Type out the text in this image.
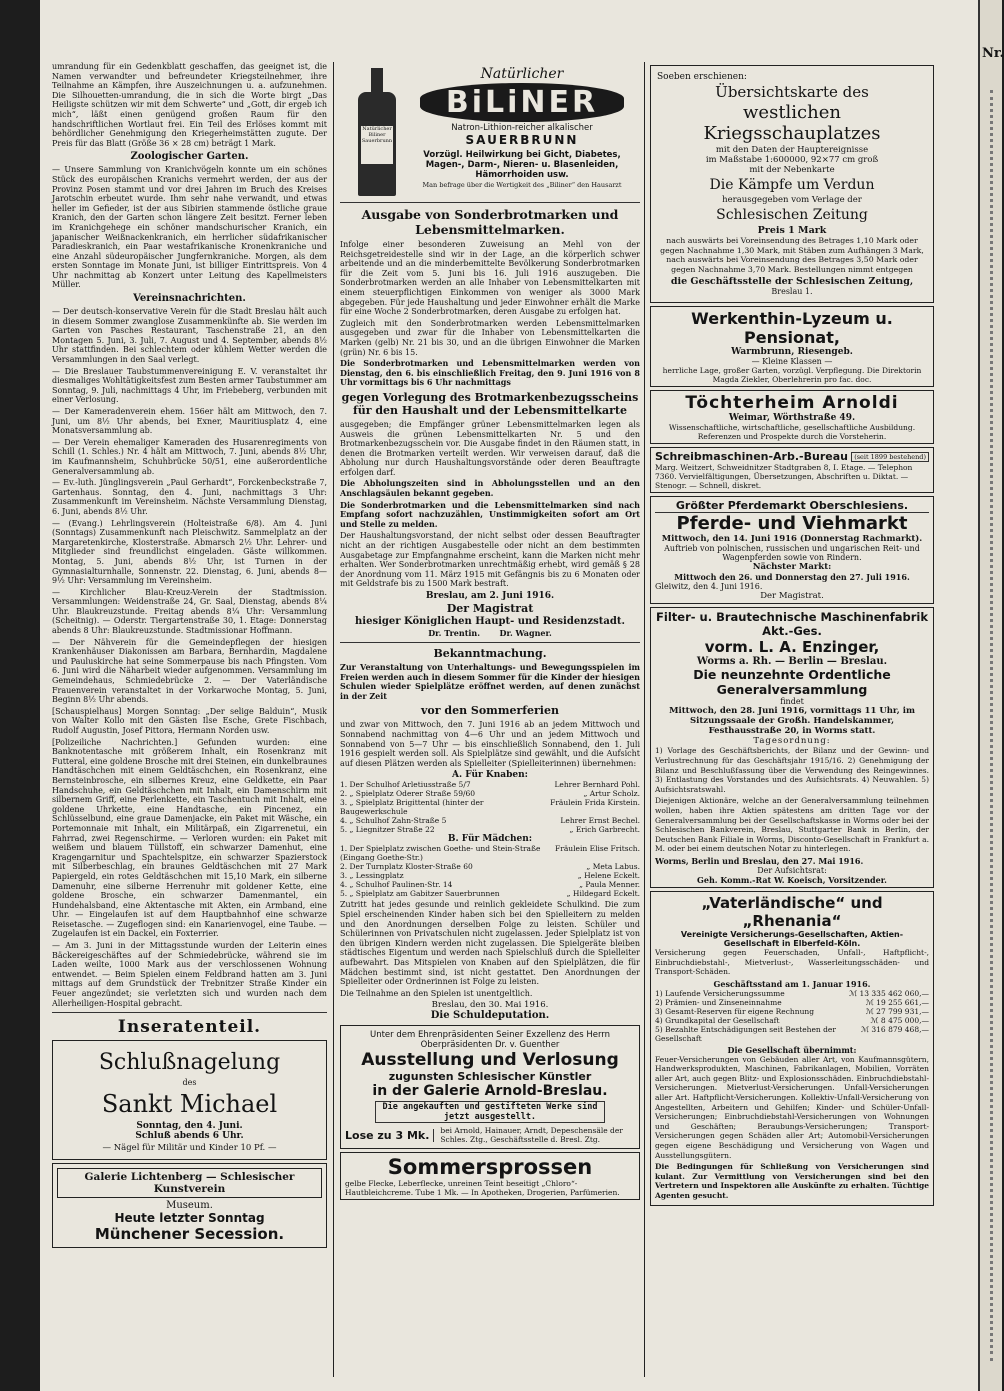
Nr.

umrandung für ein Gedenkblatt geschaffen, das geeignet ist, die Namen verwandter und befreundeter Kriegsteilnehmer, ihre Teilnahme an Kämpfen, ihre Auszeichnungen u. a. aufzunehmen. Die Silhouetten-umrandung, die in sich die Worte birgt „Das Heiligste schützen wir mit dem Schwerte“ und „Gott, dir ergeb ich mich“, läßt einen genügend großen Raum für den handschriftlichen Wortlaut frei. Ein Teil des Erlöses kommt mit behördlicher Genehmigung den Kriegerheimstätten zugute. Der Preis für das Blatt (Größe 36 × 28 cm) beträgt 1 Mark.

Zoologischer Garten.

— Unsere Sammlung von Kranichvögeln konnte um ein schönes Stück des europäischen Kranichs vermehrt werden, der aus der Provinz Posen stammt und vor drei Jahren im Bruch des Kreises Jarotschin erbeutet wurde. Ihm sehr nahe verwandt, und etwas heller im Gefieder, ist der aus Sibirien stammende östliche graue Kranich, den der Garten schon längere Zeit besitzt. Ferner leben im Kranichgehege ein schöner mandschurischer Kranich, ein japanischer Weißnackenkranich, ein herrlicher südafrikanischer Paradieskranich, ein Paar westafrikanische Kronenkraniche und eine Anzahl südeuropäischer Jungfernkraniche. Morgen, als dem ersten Sonntage im Monate Juni, ist billiger Eintrittspreis. Von 4 Uhr nachmittag ab Konzert unter Leitung des Kapellmeisters Müller.

Vereinsnachrichten.

— Der deutsch-konservative Verein für die Stadt Breslau hält auch in diesem Sommer zwanglose Zusammenkünfte ab. Sie werden im Garten von Pasches Restaurant, Taschenstraße 21, an den Montagen 5. Juni, 3. Juli, 7. August und 4. September, abends 8½ Uhr stattfinden. Bei schlechtem oder kühlem Wetter werden die Versammlungen in den Saal verlegt.

— Die Breslauer Taubstummenvereinigung E. V. veranstaltet ihr diesmaliges Wohltätigkeitsfest zum Besten armer Taubstummer am Sonntag, 9. Juli, nachmittags 4 Uhr, im Friebeberg, verbunden mit einer Verlosung.

— Der Kameradenverein ehem. 156er hält am Mittwoch, den 7. Juni, um 8½ Uhr abends, bei Exner, Mauritiusplatz 4, eine Monatsversammlung ab.

— Der Verein ehemaliger Kameraden des Husarenregiments von Schill (1. Schles.) Nr. 4 hält am Mittwoch, 7. Juni, abends 8½ Uhr, im Kaufmannsheim, Schuhbrücke 50/51, eine außerordentliche Generalversammlung ab.

— Ev.-luth. Jünglingsverein „Paul Gerhardt“, Forckenbeckstraße 7, Gartenhaus. Sonntag, den 4. Juni, nachmittags 3 Uhr: Zusammenkunft im Vereinsheim. Nächste Versammlung Dienstag, 6. Juni, abends 8½ Uhr.

— (Evang.) Lehrlingsverein (Holteistraße 6/8). Am 4. Juni (Sonntags) Zusammenkunft nach Pleischwitz. Sammelplatz an der Margaretenkirche, Klosterstraße. Abmarsch 2½ Uhr. Lehrer- und Mitglieder sind freundlichst eingeladen. Gäste willkommen. Montag, 5. Juni, abends 8½ Uhr, ist Turnen in der Gymnasialturnhalle, Sonnenstr. 22. Dienstag, 6. Juni, abends 8—9½ Uhr: Versammlung im Vereinsheim.

— Kirchlicher Blau-Kreuz-Verein der Stadtmission. Versammlungen: Weidenstraße 24, Gr. Saal, Dienstag, abends 8¼ Uhr. Blaukreuzstunde. Freitag abends 8¼ Uhr: Versammlung (Scheitnig). — Oderstr. Tiergartenstraße 30, 1. Etage: Donnerstag abends 8 Uhr: Blaukreuzstunde. Stadtmissionar Hoffmann.

— Der Nähverein für die Gemeindepflegen der hiesigen Krankenhäuser Diakonissen am Barbara, Bernhardin, Magdalene und Pauluskirche hat seine Sommerpause bis nach Pfingsten. Vom 6. Juni wird die Näharbeit wieder aufgenommen. Versammlung im Gemeindehaus, Schmiedebrücke 2. — Der Vaterländische Frauenverein veranstaltet in der Vorkarwoche Montag, 5. Juni, Beginn 8½ Uhr abends.

[Schauspielhaus] Morgen Sonntag: „Der selige Balduin“, Musik von Walter Kollo mit den Gästen Ilse Esche, Grete Fischbach, Rudolf Augustin, Josef Pittora, Hermann Norden usw.

[Polizeiliche Nachrichten.] Gefunden wurden: eine Banknotentasche mit größerem Inhalt, ein Rosenkranz mit Futteral, eine goldene Brosche mit drei Steinen, ein dunkelbraunes Handtäschchen mit einem Geldtäschchen, ein Rosenkranz, eine Bernsteinbrosche, ein silbernes Kreuz, eine Geldkette, ein Paar Handschuhe, ein Geldtäschchen mit Inhalt, ein Damenschirm mit silbernem Griff, eine Perlenkette, ein Taschentuch mit Inhalt, eine goldene Uhrkette, eine Handtasche, ein Pincenez, ein Schlüsselbund, eine graue Damenjacke, ein Paket mit Wäsche, ein Portemonnaie mit Inhalt, ein Militärpaß, ein Zigarrenetui, ein Fahrrad, zwei Regenschirme. — Verloren wurden: ein Paket mit weißem und blauem Tüllstoff, ein schwarzer Damenhut, eine Kragengarnitur und Spachtelspitze, ein schwarzer Spazierstock mit Silberbeschlag, ein braunes Geldtäschchen mit 27 Mark Papiergeld, ein rotes Geldtäschchen mit 15,10 Mark, ein silberne Damenuhr, eine silberne Herrenuhr mit goldener Kette, eine goldene Brosche, ein schwarzer Damenmantel, ein Hundehalsband, eine Aktentasche mit Akten, ein Armband, eine Uhr. — Eingelaufen ist auf dem Hauptbahnhof eine schwarze Reisetasche. — Zugeflogen sind: ein Kanarienvogel, eine Taube. — Zugelaufen ist ein Dackel, ein Foxterrier.

— Am 3. Juni in der Mittagsstunde wurden der Leiterin eines Bäckereigeschäftes auf der Schmiedebrücke, während sie im Laden weilte, 1000 Mark aus der verschlossenen Wohnung entwendet. — Beim Spielen einem Feldbrand hatten am 3. Juni mittags auf dem Grundstück der Trebnitzer Straße Kinder ein Feuer angezündet; sie verletzten sich und wurden nach dem Allerheiligen-Hospital gebracht.

Inseratenteil.
Schlußnagelung
des
Sankt Michael
Sonntag, den 4. Juni.
Schluß abends 6 Uhr.
— Nägel für Militär und Kinder 10 Pf. —
Galerie Lichtenberg — Schlesischer Kunstverein
Museum.
Heute letzter Sonntag
Münchener Secession.
Natürlicher Biliner Sauerbrunn
Natürlicher
BiLiNER
Natron-Lithion-reicher alkalischer
SAUERBRUNN
Vorzügl. Heilwirkung bei Gicht, Diabetes, Magen-, Darm-, Nieren- u. Blasenleiden, Hämorrhoiden usw.
Man befrage über die Wertigkeit des „Biliner“ den Hausarzt
Ausgabe von Sonderbrotmarken und Lebensmittelmarken.

Infolge einer besonderen Zuweisung an Mehl von der Reichsgetreidestelle sind wir in der Lage, an die körperlich schwer arbeitende und an die minderbemittelte Bevölkerung Sonderbrotmarken für die Zeit vom 5. Juni bis 16. Juli 1916 auszugeben. Die Sonderbrotmarken werden an alle Inhaber von Lebensmittelkarten mit einem steuerpflichtigen Einkommen von weniger als 3000 Mark abgegeben. Für jede Haushaltung und jeder Einwohner erhält die Marke für eine Woche 2 Sonderbrotmarken, deren Ausgabe zu erfolgen hat.

Zugleich mit den Sonderbrotmarken werden Lebensmittelmarken ausgegeben und zwar für die Inhaber von Lebensmittelkarten die Marken (gelb) Nr. 21 bis 30, und an die übrigen Einwohner die Marken (grün) Nr. 6 bis 15.

Die Sonderbrotmarken und Lebensmittelmarken werden von Dienstag, den 6. bis einschließlich Freitag, den 9. Juni 1916 von 8 Uhr vormittags bis 6 Uhr nachmittags

gegen Vorlegung des Brotmarkenbezugsscheins für den Haushalt und der Lebensmittelkarte

ausgegeben; die Empfänger grüner Lebensmittelmarken legen als Ausweis die grünen Lebensmittelkarten Nr. 5 und den Brotmarkenbezugsschein vor. Die Ausgabe findet in den Räumen statt, in denen die Brotmarken verteilt werden. Wir verweisen darauf, daß die Abholung nur durch Haushaltungsvorstände oder deren Beauftragte erfolgen darf.

Die Abholungszeiten sind in Abholungsstellen und an den Anschlagsäulen bekannt gegeben.

Die Sonderbrotmarken und die Lebensmittelmarken sind nach Empfang sofort nachzuzählen, Unstimmigkeiten sofort am Ort und Stelle zu melden.

Der Haushaltungsvorstand, der nicht selbst oder dessen Beauftragter nicht an der richtigen Ausgabestelle oder nicht an dem bestimmten Ausgabetage zur Empfangnahme erscheint, kann die Marken nicht mehr erhalten. Wer Sonderbrotmarken unrechtmäßig erhebt, wird gemäß § 28 der Anordnung vom 11. März 1915 mit Gefängnis bis zu 6 Monaten oder mit Geldstrafe bis zu 1500 Mark bestraft.

Breslau, am 2. Juni 1916.
Der Magistrat
hiesiger Königlichen Haupt- und Residenzstadt.
Dr. Trentin.       Dr. Wagner.
Bekanntmachung.

Zur Veranstaltung von Unterhaltungs- und Bewegungsspielen im Freien werden auch in diesem Sommer für die Kinder der hiesigen Schulen wieder Spielplätze eröffnet werden, auf denen zunächst in der Zeit

vor den Sommerferien

und zwar von Mittwoch, den 7. Juni 1916 ab an jedem Mittwoch und Sonnabend nachmittag von 4—6 Uhr und an jedem Mittwoch und Sonnabend von 5—7 Uhr — bis einschließlich Sonnabend, den 1. Juli 1916 gespielt werden soll. Als Spielplätze sind gewählt, und die Aufsicht auf diesen Plätzen werden als Spielleiter (Spielleiterinnen) übernehmen:

A. Für Knaben:
1. Der Schulhof Arletiusstraße 5/7	Lehrer Bernhard Pohl.
2. „ Spielplatz Oderer Straße 59/60	„ Artur Scholz.
3. „ Spielplatz Brigittental (hinter der Baugewerkschule
Fräulein Frida Kirstein.
4. „ Schulhof Zahn-Straße 5	Lehrer Ernst Bechel.
5. „ Liegnitzer Straße 22	„ Erich Garbrecht.
B. Für Mädchen:
1. Der Spielplatz zwischen Goethe- und Stein-Straße (Eingang Goethe-Str.)
Fräulein Elise Fritsch.
2. Der Turnplatz Kloster-Straße 60	„ Meta Labus.
3. „ Lessingplatz	„ Helene Eckelt.
4. „ Schulhof Paulinen-Str. 14	„ Paula Menner.
5. „ Spielplatz am Gabitzer Sauerbrunnen	„ Hildegard Eckelt.

Zutritt hat jedes gesunde und reinlich gekleidete Schulkind. Die zum Spiel erscheinenden Kinder haben sich bei den Spielleitern zu melden und den Anordnungen derselben Folge zu leisten. Schüler und Schülerinnen von Privatschulen nicht zugelassen. Jeder Spielplatz ist von den übrigen Kindern werden nicht zugelassen. Die Spielgeräte bleiben städtisches Eigentum und werden nach Spielschluß durch die Spielleiter aufbewahrt. Das Mitspielen von Knaben auf den Spielplätzen, die für Mädchen bestimmt sind, ist nicht gestattet. Den Anordnungen der Spielleiter oder Ordnerinnen ist Folge zu leisten.

Die Teilnahme an den Spielen ist unentgeltlich.

Breslau, den 30. Mai 1916.
Die Schuldeputation.
Unter dem Ehrenpräsidenten Seiner Exzellenz des Herrn Oberpräsidenten Dr. v. Guenther
Ausstellung und Verlosung
zugunsten Schlesischer Künstler
in der Galerie Arnold-Breslau.
Die angekauften und gestifteten Werke sind jetzt ausgestellt.
Lose zu 3 Mk.	bei Arnold, Hainauer, Arndt, Depeschensäle der Schles. Ztg., Geschäftsstelle d. Bresl. Ztg.
Sommersprossen
gelbe Flecke, Leberflecke, unreinen Teint beseitigt „Chloro“-Hautbleichcreme. Tube 1 Mk. — In Apotheken, Drogerien, Parfümerien.
Soeben erschienen:
Übersichtskarte des
westlichen Kriegsschauplatzes
mit den Daten der Hauptereignisse
im Maßstabe 1:600000, 92×77 cm groß
mit der Nebenkarte
Die Kämpfe um Verdun
herausgegeben vom Verlage der
Schlesischen Zeitung
Preis 1 Mark

nach auswärts bei Voreinsendung des Betrages 1,10 Mark oder gegen Nachnahme 1,30 Mark, mit Stäben zum Aufhängen 3 Mark, nach auswärts bei Voreinsendung des Betrages 3,50 Mark oder gegen Nachnahme 3,70 Mark. Bestellungen nimmt entgegen

die Geschäftsstelle der Schlesischen Zeitung,
Breslau 1.
Werkenthin-Lyzeum u. Pensionat,
Warmbrunn, Riesengeb.
— Kleine Klassen —
herrliche Lage, großer Garten, vorzügl. Verpflegung. Die Direktorin Magda Ziekler, Oberlehrerin pro fac. doc.
Töchterheim Arnoldi
Weimar, Wörthstraße 49.
Wissenschaftliche, wirtschaftliche, gesellschaftliche Ausbildung. Referenzen und Prospekte durch die Vorsteherin.
Schreibmaschinen-Arb.-Bureau (seit 1899 bestehend)
Marg. Weitzert, Schweidnitzer Stadtgraben 8, I. Etage. — Telephon 7360. Vervielfältigungen, Übersetzungen, Abschriften u. Diktat. — Stenogr. — Schnell, diskret.
Größter Pferdemarkt Oberschlesiens.
Pferde- und Viehmarkt
Mittwoch, den 14. Juni 1916 (Donnerstag Rachmarkt).
Auftrieb von polnischen, russischen und ungarischen Reit- und Wagenpferden sowie von Rindern.
Nächster Markt:
Mittwoch den 26. und Donnerstag den 27. Juli 1916.
Gleiwitz, den 4. Juni 1916.
Der Magistrat.
Filter- u. Brautechnische Maschinenfabrik Akt.-Ges.
vorm. L. A. Enzinger,
Worms a. Rh. — Berlin — Breslau.
Die neunzehnte Ordentliche Generalversammlung
findet
Mittwoch, den 28. Juni 1916, vormittags 11 Uhr, im Sitzungssaale der Großh. Handelskammer, Festhausstraße 20, in Worms statt.
Tagesordnung:

1) Vorlage des Geschäftsberichts, der Bilanz und der Gewinn- und Verlustrechnung für das Geschäftsjahr 1915/16. 2) Genehmigung der Bilanz und Beschlußfassung über die Verwendung des Reingewinnes. 3) Entlastung des Vorstandes und des Aufsichtsrats. 4) Neuwahlen. 5) Aufsichtsratswahl.

Diejenigen Aktionäre, welche an der Generalversammlung teilnehmen wollen, haben ihre Aktien spätestens am dritten Tage vor der Generalversammlung bei der Gesellschaftskasse in Worms oder bei der Schlesischen Bankverein, Breslau, Stuttgarter Bank in Berlin, der Deutschen Bank Filiale in Worms, Disconto-Gesellschaft in Frankfurt a. M. oder bei einem deutschen Notar zu hinterlegen.

Worms, Berlin und Breslau, den 27. Mai 1916.
Der Aufsichtsrat:
Geh. Komm.-Rat W. Koeisch, Vorsitzender.
„Vaterländische“ und „Rhenania“
Vereinigte Versicherungs-Gesellschaften, Aktien-Gesellschaft in Elberfeld-Köln.

Versicherung gegen Feuerschaden, Unfall-, Haftpflicht-, Einbruchdiebstahl-, Mietverlust-, Wasserleitungsschäden- und Transport-Schäden.

Geschäftsstand am 1. Januar 1916.
1) Laufende Versicherungssumme	ℳ 13 335 462 060,—
2) Prämien- und Zinseneinnahme	ℳ 19 255 661,—
3) Gesamt-Reserven für eigene Rechnung	ℳ 27 799 931,—
4) Grundkapital der Gesellschaft	ℳ 8 475 000,—
5) Bezahlte Entschädigungen seit Bestehen der Gesellschaft
ℳ 316 879 468,—
Die Gesellschaft übernimmt:

Feuer-Versicherungen von Gebäuden aller Art, von Kaufmannsgütern, Handwerksprodukten, Maschinen, Fabrikanlagen, Mobilien, Vorräten aller Art, auch gegen Blitz- und Explosionsschäden. Einbruchdiebstahl-Versicherungen. Mietverlust-Versicherungen. Unfall-Versicherungen aller Art. Haftpflicht-Versicherungen. Kollektiv-Unfall-Versicherung von Angestellten, Arbeitern und Gehilfen; Kinder- und Schüler-Unfall-Versicherungen; Einbruchdiebstahl-Versicherungen von Wohnungen und Geschäften; Beraubungs-Versicherungen; Transport-Versicherungen gegen Schäden aller Art; Automobil-Versicherungen gegen eigene Beschädigung und Versicherung von Wagen und Ausstellungsgütern.

Die Bedingungen für Schließung von Versicherungen sind kulant. Zur Vermittlung von Versicherungen sind bei den Vertretern und Inspektoren alle Auskünfte zu erhalten. Tüchtige Agenten gesucht.
